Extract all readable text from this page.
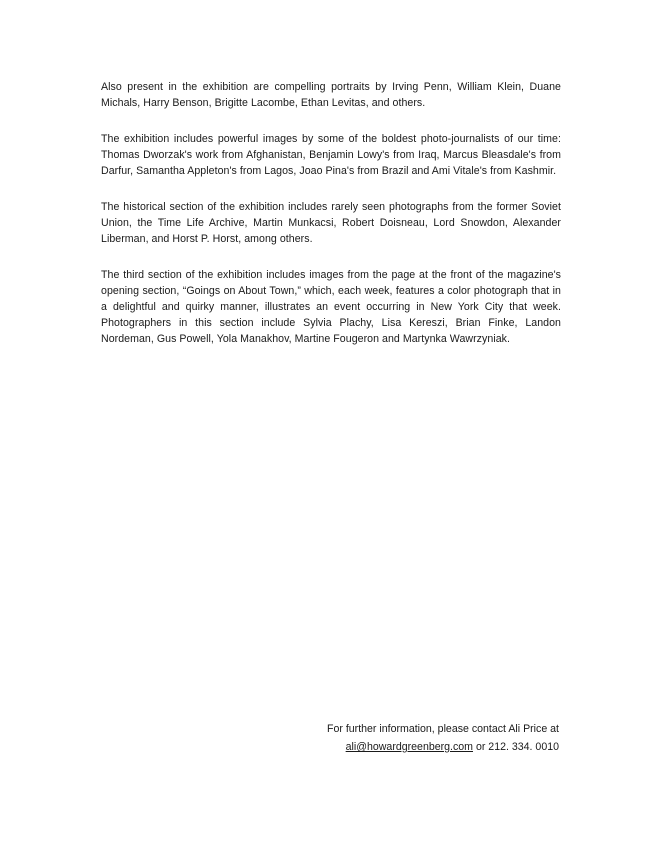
Also present in the exhibition are compelling portraits by Irving Penn, William Klein, Duane Michals, Harry Benson, Brigitte Lacombe, Ethan Levitas, and others.

The exhibition includes powerful images by some of the boldest photo-journalists of our time: Thomas Dworzak's work from Afghanistan, Benjamin Lowy's from Iraq, Marcus Bleasdale's from Darfur, Samantha Appleton's from Lagos, Joao Pina's from Brazil and Ami Vitale's from Kashmir.

The historical section of the exhibition includes rarely seen photographs from the former Soviet Union, the Time Life Archive, Martin Munkacsi, Robert Doisneau, Lord Snowdon, Alexander Liberman, and Horst P. Horst, among others.

The third section of the exhibition includes images from the page at the front of the magazine's opening section, “Goings on About Town,” which, each week, features a color photograph that in a delightful and quirky manner, illustrates an event occurring in New York City that week. Photographers in this section include Sylvia Plachy, Lisa Kereszi, Brian Finke, Landon Nordeman, Gus Powell, Yola Manakhov, Martine Fougeron and Martynka Wawrzyniak.

For further information, please contact Ali Price at
ali@howardgreenberg.com or 212. 334. 0010
